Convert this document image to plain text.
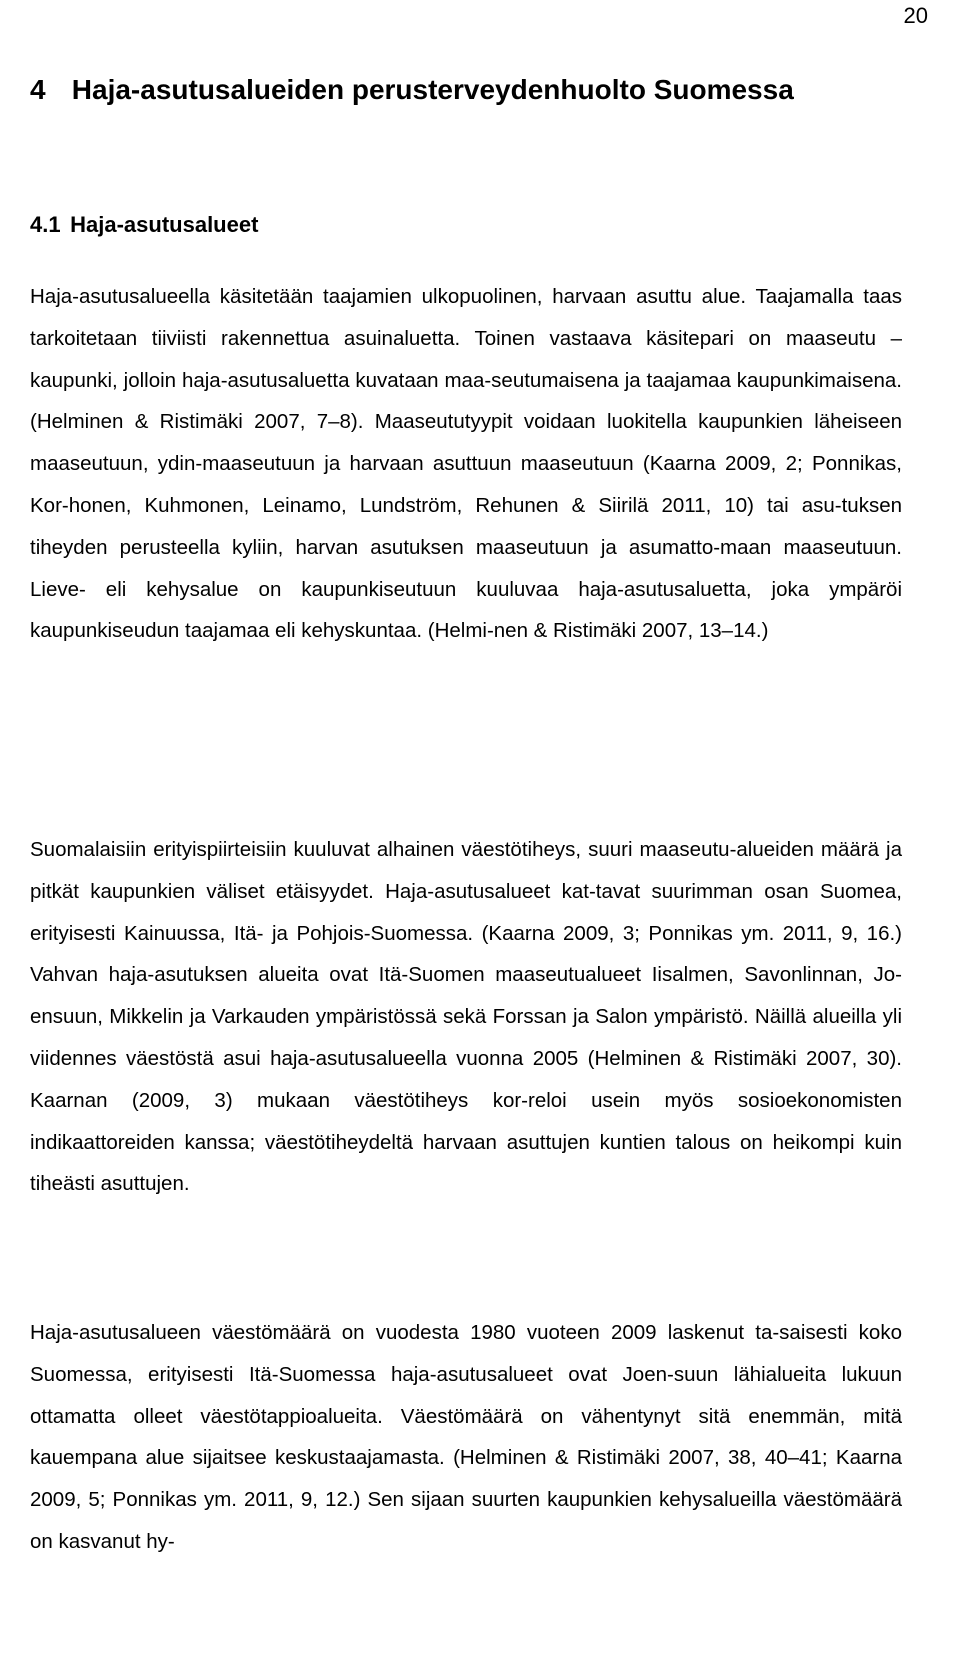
20
4 Haja-asutusalueiden perusterveydenhuolto Suomessa
4.1 Haja-asutusalueet

Haja-asutusalueella käsitetään taajamien ulkopuolinen, harvaan asuttu alue. Taajamalla taas tarkoitetaan tiiviisti rakennettua asuinaluetta. Toinen vastaava käsitepari on maaseutu – kaupunki, jolloin haja-asutusaluetta kuvataan maa-seutumaisena ja taajamaa kaupunkimaisena. (Helminen & Ristimäki 2007, 7–8). Maaseututyypit voidaan luokitella kaupunkien läheiseen maaseutuun, ydin-maaseutuun ja harvaan asuttuun maaseutuun (Kaarna 2009, 2; Ponnikas, Kor-honen, Kuhmonen, Leinamo, Lundström, Rehunen & Siirilä 2011, 10) tai asu-tuksen tiheyden perusteella kyliin, harvan asutuksen maaseutuun ja asumatto-maan maaseutuun. Lieve- eli kehysalue on kaupunkiseutuun kuuluvaa haja-asutusaluetta, joka ympäröi kaupunkiseudun taajamaa eli kehyskuntaa. (Helmi-nen & Ristimäki 2007, 13–14.)

Suomalaisiin erityispiirteisiin kuuluvat alhainen väestötiheys, suuri maaseutu-alueiden määrä ja pitkät kaupunkien väliset etäisyydet. Haja-asutusalueet kat-tavat suurimman osan Suomea, erityisesti Kainuussa, Itä- ja Pohjois-Suomessa. (Kaarna 2009, 3; Ponnikas ym. 2011, 9, 16.) Vahvan haja-asutuksen alueita ovat Itä-Suomen maaseutualueet Iisalmen, Savonlinnan, Jo-ensuun, Mikkelin ja Varkauden ympäristössä sekä Forssan ja Salon ympäristö. Näillä alueilla yli viidennes väestöstä asui haja-asutusalueella vuonna 2005 (Helminen & Ristimäki 2007, 30). Kaarnan (2009, 3) mukaan väestötiheys kor-reloi usein myös sosioekonomisten indikaattoreiden kanssa; väestötiheydeltä harvaan asuttujen kuntien talous on heikompi kuin tiheästi asuttujen.

Haja-asutusalueen väestömäärä on vuodesta 1980 vuoteen 2009 laskenut ta-saisesti koko Suomessa, erityisesti Itä-Suomessa haja-asutusalueet ovat Joen-suun lähialueita lukuun ottamatta olleet väestötappioalueita. Väestömäärä on vähentynyt sitä enemmän, mitä kauempana alue sijaitsee keskustaajamasta. (Helminen & Ristimäki 2007, 38, 40–41; Kaarna 2009, 5; Ponnikas ym. 2011, 9, 12.) Sen sijaan suurten kaupunkien kehysalueilla väestömäärä on kasvanut hy-
